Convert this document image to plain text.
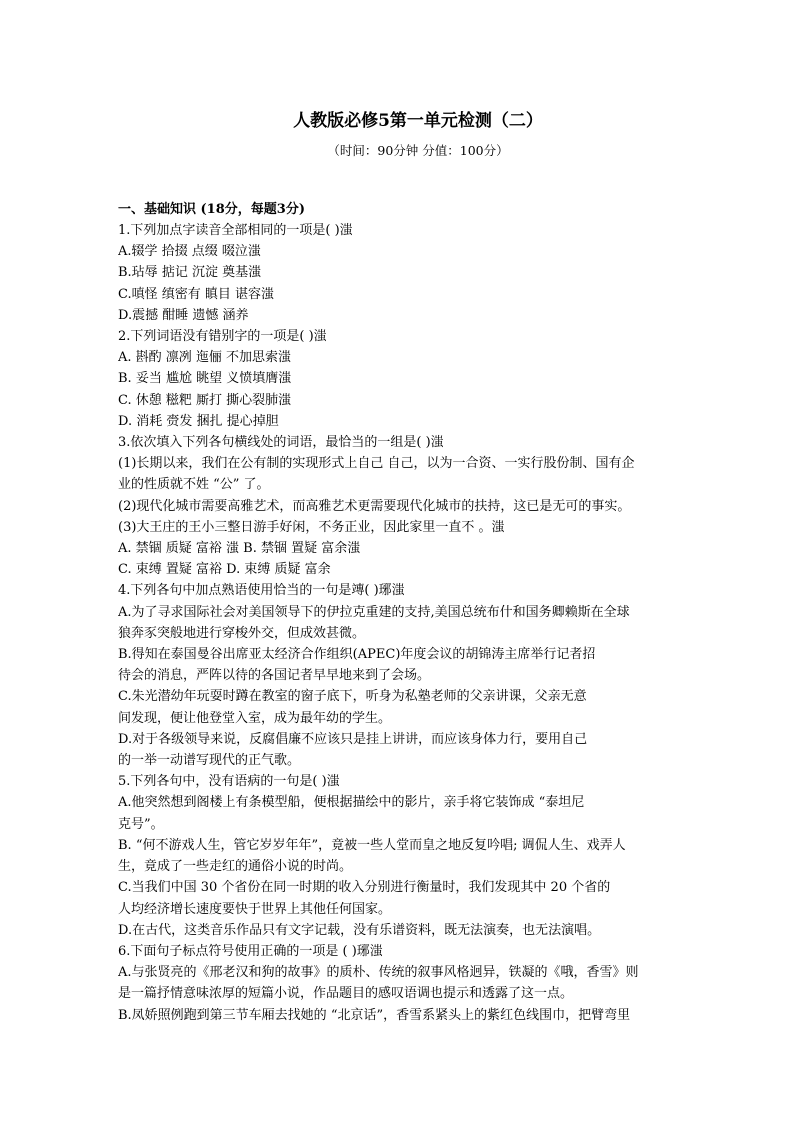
人教版必修5第一单元检测（二）
（时间：90分钟 分值：100分）
一、基础知识 (18分，每题3分)
1.下列加点字读音全部相同的一项是( )滍
A.辍学 拾掇 点缀 啜泣滍
B.玷辱 掂记 沉淀 奠基滍
C.嗔怪 缜密有 瞋目 谌容滍
D.震撼 酣睡 遗憾 涵养
2.下列词语没有错别字的一项是( )滍
A. 斟酌 凛冽 迤俪 不加思索滍
B. 妥当 尴尬 眺望 义愤填膺滍
C. 休憩 糍粑 厮打 撕心裂肺滍
D. 消耗 赍发 捆扎 提心掉胆
3.依次填入下列各句横线处的词语，最恰当的一组是( )滍
(1)长期以来，我们在公有制的实现形式上自己 自己，以为一合资、一实行股份制、国有企
业的性质就不姓 “公” 了。
(2)现代化城市需要高雅艺术，而高雅艺术更需要现代化城市的扶持，这已是无可的事实。
(3)大王庄的王小三整日游手好闲，不务正业，因此家里一直不 。滍
A. 禁锢 质疑 富裕 滍 B. 禁锢 置疑 富余滍
C. 束缚 置疑 富裕 D. 束缚 质疑 富余
4.下列各句中加点熟语使用恰当的一句是竱( )琊滍
A.为了寻求国际社会对美国领导下的伊拉克重建的支持,美国总统布什和国务卿赖斯在全球
狼奔豕突般地进行穿梭外交，但成效甚微。
B.得知在泰国曼谷出席亚太经济合作组织(APEC)年度会议的胡锦涛主席举行记者招
待会的消息，严阵以待的各国记者早早地来到了会场。
C.朱光潜幼年玩耍时蹲在教室的窗子底下，听身为私塾老师的父亲讲课，父亲无意
间发现，便让他登堂入室，成为最年幼的学生。
D.对于各级领导来说，反腐倡廉不应该只是挂上讲讲，而应该身体力行，要用自己
的一举一动谱写现代的正气歌。
5.下列各句中，没有语病的一句是( )滍
A.他突然想到阁楼上有条模型船，便根据描绘中的影片，亲手将它装饰成 “泰坦尼
克号”。
B. “何不游戏人生，管它岁岁年年”，竟被一些人堂而皇之地反复吟唱; 调侃人生、戏弄人
生，竟成了一些走红的通俗小说的时尚。
C.当我们中国 30 个省份在同一时期的收入分别进行衡量时，我们发现其中 20 个省的
人均经济增长速度要快于世界上其他任何国家。
D.在古代，这类音乐作品只有文字记载，没有乐谱资料，既无法演奏，也无法演唱。
6.下面句子标点符号使用正确的一项是 ( )琊滍
A.与张贤亮的《邢老汉和狗的故事》的质朴、传统的叙事风格迥异，铁凝的《哦，香雪》则
是一篇抒情意味浓厚的短篇小说，作品题目的感叹语调也提示和透露了这一点。
B.凤娇照例跑到第三节车厢去找她的 “北京话”，香雪系紧头上的紫红色线围巾，把臂弯里
